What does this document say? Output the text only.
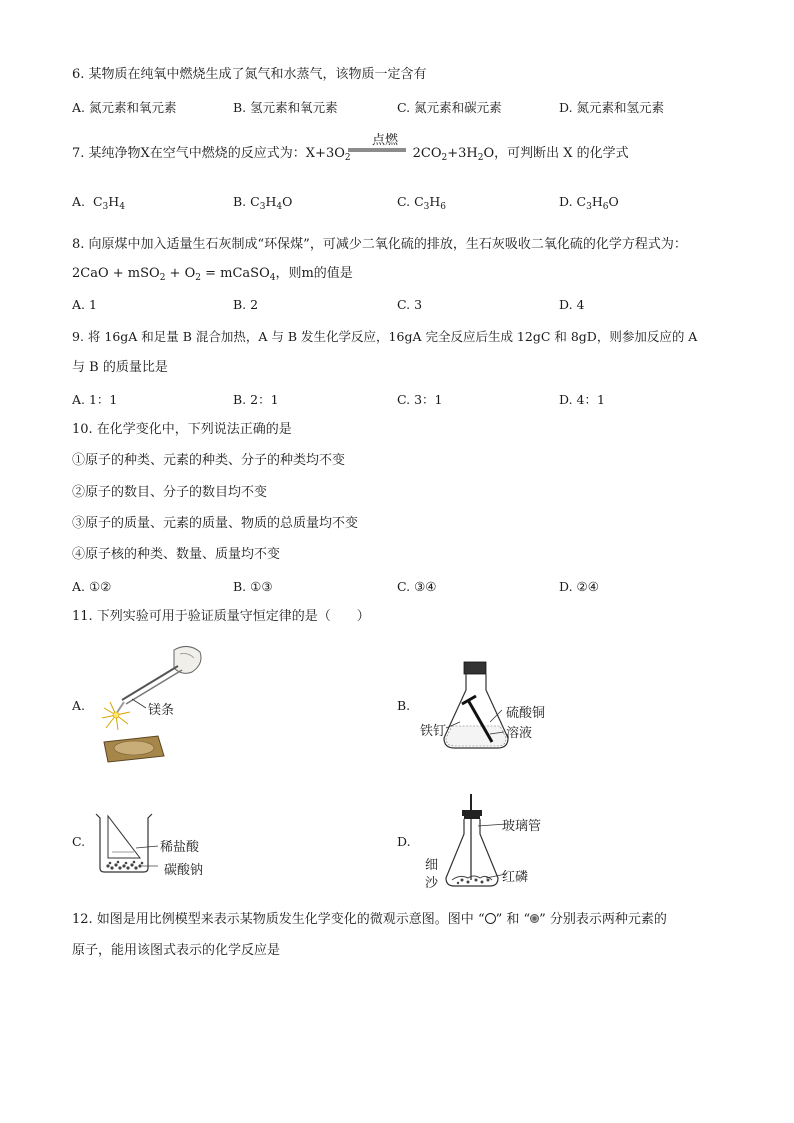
6. 某物质在纯氧中燃烧生成了氮气和水蒸气，该物质一定含有
A. 氮元素和氧元素	B. 氢元素和氧元素	C. 氮元素和碳元素	D. 氮元素和氢元素
7. 某纯净物X在空气中燃烧的反应式为：$X+3O_2$	$2CO_2+3H_2O$，可判断出 X 的化学式
点燃
A. $C_3H_4$	B. $C_3H_4O$	C. $C_3H_6$	D. $C_3H_6O$
8. 向原煤中加入适量生石灰制成“环保煤”，可减少二氧化硫的排放，生石灰吸收二氧化硫的化学方程式为：
$2CaO + mSO_2 + O_2$ = mCaSO$_4$，则m的值是
A. 1	B. 2	C. 3	D. 4
9. 将 16gA 和足量 B 混合加热，A 与 B 发生化学反应，16gA 完全反应后生成 12gC 和 8gD，则参加反应的 A
与 B 的质量比是
A. 1：1	B. 2：1	C. 3：1	D. 4：1
10. 在化学变化中，下列说法正确的是
①原子的种类、元素的种类、分子的种类均不变
②原子的数目、分子的数目均不变
③原子的质量、元素的质量、物质的总质量均不变
④原子核的种类、数量、质量均不变
A. ①②	B. ①③	C. ③④	D. ②④
11. 下列实验可用于验证质量守恒定律的是（　　）
A.	镁条	B.
铁钉
硫酸铜
溶液
C.	稀盐酸
碳酸钠
D.
玻璃管
细
沙	红磷
12. 如图是用比例模型来表示某物质发生化学变化的微观示意图。图中 “ ” 和 “ ” 分别表示两种元素的
原子，能用该图式表示的化学反应是
